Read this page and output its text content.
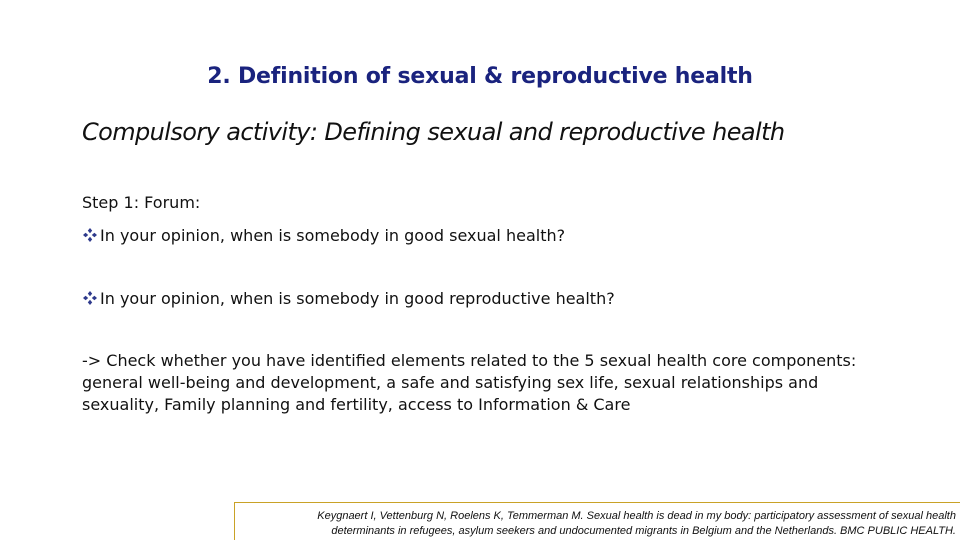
2. Definition of sexual & reproductive health
Compulsory activity: Defining sexual and reproductive health
Step 1: Forum:
In your opinion, when is somebody in good sexual health?
In your opinion, when is somebody in good reproductive health?
-> Check whether you have identified elements related to the 5 sexual health core components: general well-being and development, a safe and satisfying sex life, sexual relationships and sexuality, Family planning and fertility, access to Information & Care
Keygnaert I, Vettenburg N, Roelens K, Temmerman M. Sexual health is dead in my body: participatory assessment of sexual health
determinants in refugees, asylum seekers and undocumented migrants in Belgium and the Netherlands. BMC PUBLIC HEALTH.
